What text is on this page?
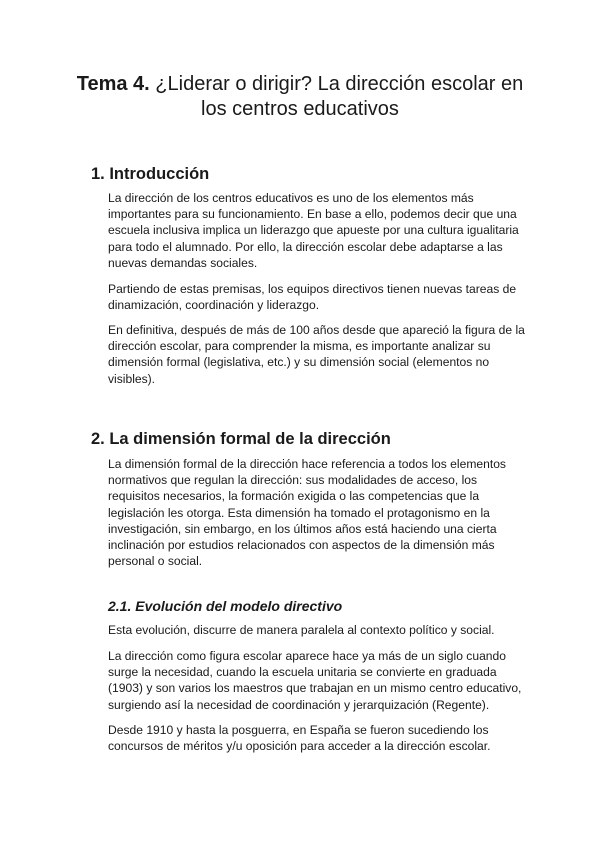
Tema 4. ¿Liderar o dirigir? La dirección escolar en
los centros educativos
1. Introducción

La dirección de los centros educativos es uno de los elementos más importantes para su funcionamiento. En base a ello, podemos decir que una escuela inclusiva implica un liderazgo que apueste por una cultura igualitaria para todo el alumnado. Por ello, la dirección escolar debe adaptarse a las nuevas demandas sociales.

Partiendo de estas premisas, los equipos directivos tienen nuevas tareas de dinamización, coordinación y liderazgo.

En definitiva, después de más de 100 años desde que apareció la figura de la dirección escolar, para comprender la misma, es importante analizar su dimensión formal (legislativa, etc.) y su dimensión social (elementos no visibles).

2. La dimensión formal de la dirección

La dimensión formal de la dirección hace referencia a todos los elementos normativos que regulan la dirección: sus modalidades de acceso, los requisitos necesarios, la formación exigida o las competencias que la legislación les otorga. Esta dimensión ha tomado el protagonismo en la investigación, sin embargo, en los últimos años está haciendo una cierta inclinación por estudios relacionados con aspectos de la dimensión más personal o social.

2.1. Evolución del modelo directivo

Esta evolución, discurre de manera paralela al contexto político y social.

La dirección como figura escolar aparece hace ya más de un siglo cuando surge la necesidad, cuando la escuela unitaria se convierte en graduada (1903) y son varios los maestros que trabajan en un mismo centro educativo, surgiendo así la necesidad de coordinación y jerarquización (Regente).

Desde 1910 y hasta la posguerra, en España se fueron sucediendo los concursos de méritos y/u oposición para acceder a la dirección escolar.
